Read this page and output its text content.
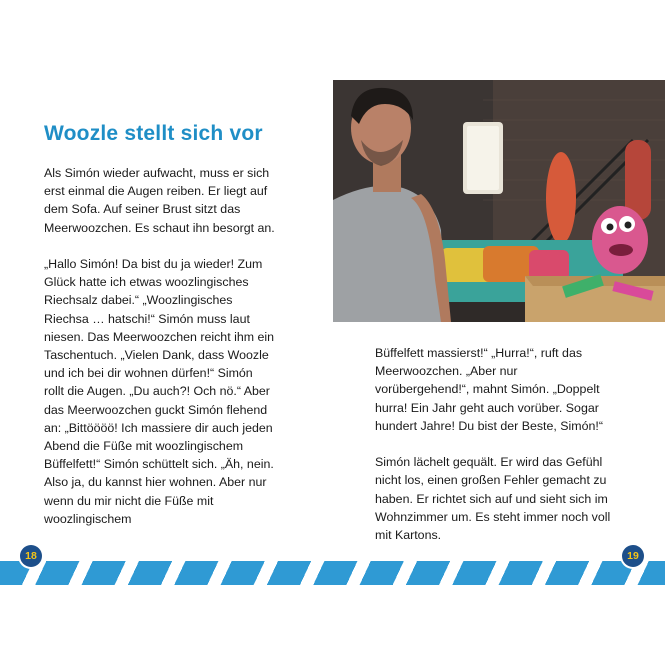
Woozle stellt sich vor

Als Simón wieder aufwacht, muss er sich erst einmal die Augen reiben. Er liegt auf dem Sofa. Auf seiner Brust sitzt das Meerwoozchen. Es schaut ihn besorgt an.

„Hallo Simón! Da bist du ja wieder! Zum Glück hatte ich etwas woozlingisches Riechsalz dabei.“ „Woozlingisches Riechsa … hatschi!“ Simón muss laut niesen. Das Meerwoozchen reicht ihm ein Taschentuch. „Vielen Dank, dass Woozle und ich bei dir wohnen dürfen!“ Simón rollt die Augen. „Du auch?! Och nö.“ Aber das Meerwoozchen guckt Simón flehend an: „Bittöööö! Ich massiere dir auch jeden Abend die Füße mit woozlingischem Büffelfett!“ Simón schüttelt sich. „Äh, nein. Also ja, du kannst hier wohnen. Aber nur wenn du mir nicht die Füße mit woozlingischem

Büffelfett massierst!“ „Hurra!“, ruft das Meerwoozchen. „Aber nur vorübergehend!“, mahnt Simón. „Doppelt hurra! Ein Jahr geht auch vorüber. Sogar hundert Jahre! Du bist der Beste, Simón!“

Simón lächelt gequält. Er wird das Gefühl nicht los, einen großen Fehler gemacht zu haben. Er richtet sich auf und sieht sich im Wohnzimmer um. Es steht immer noch voll mit Kartons.

18	19
